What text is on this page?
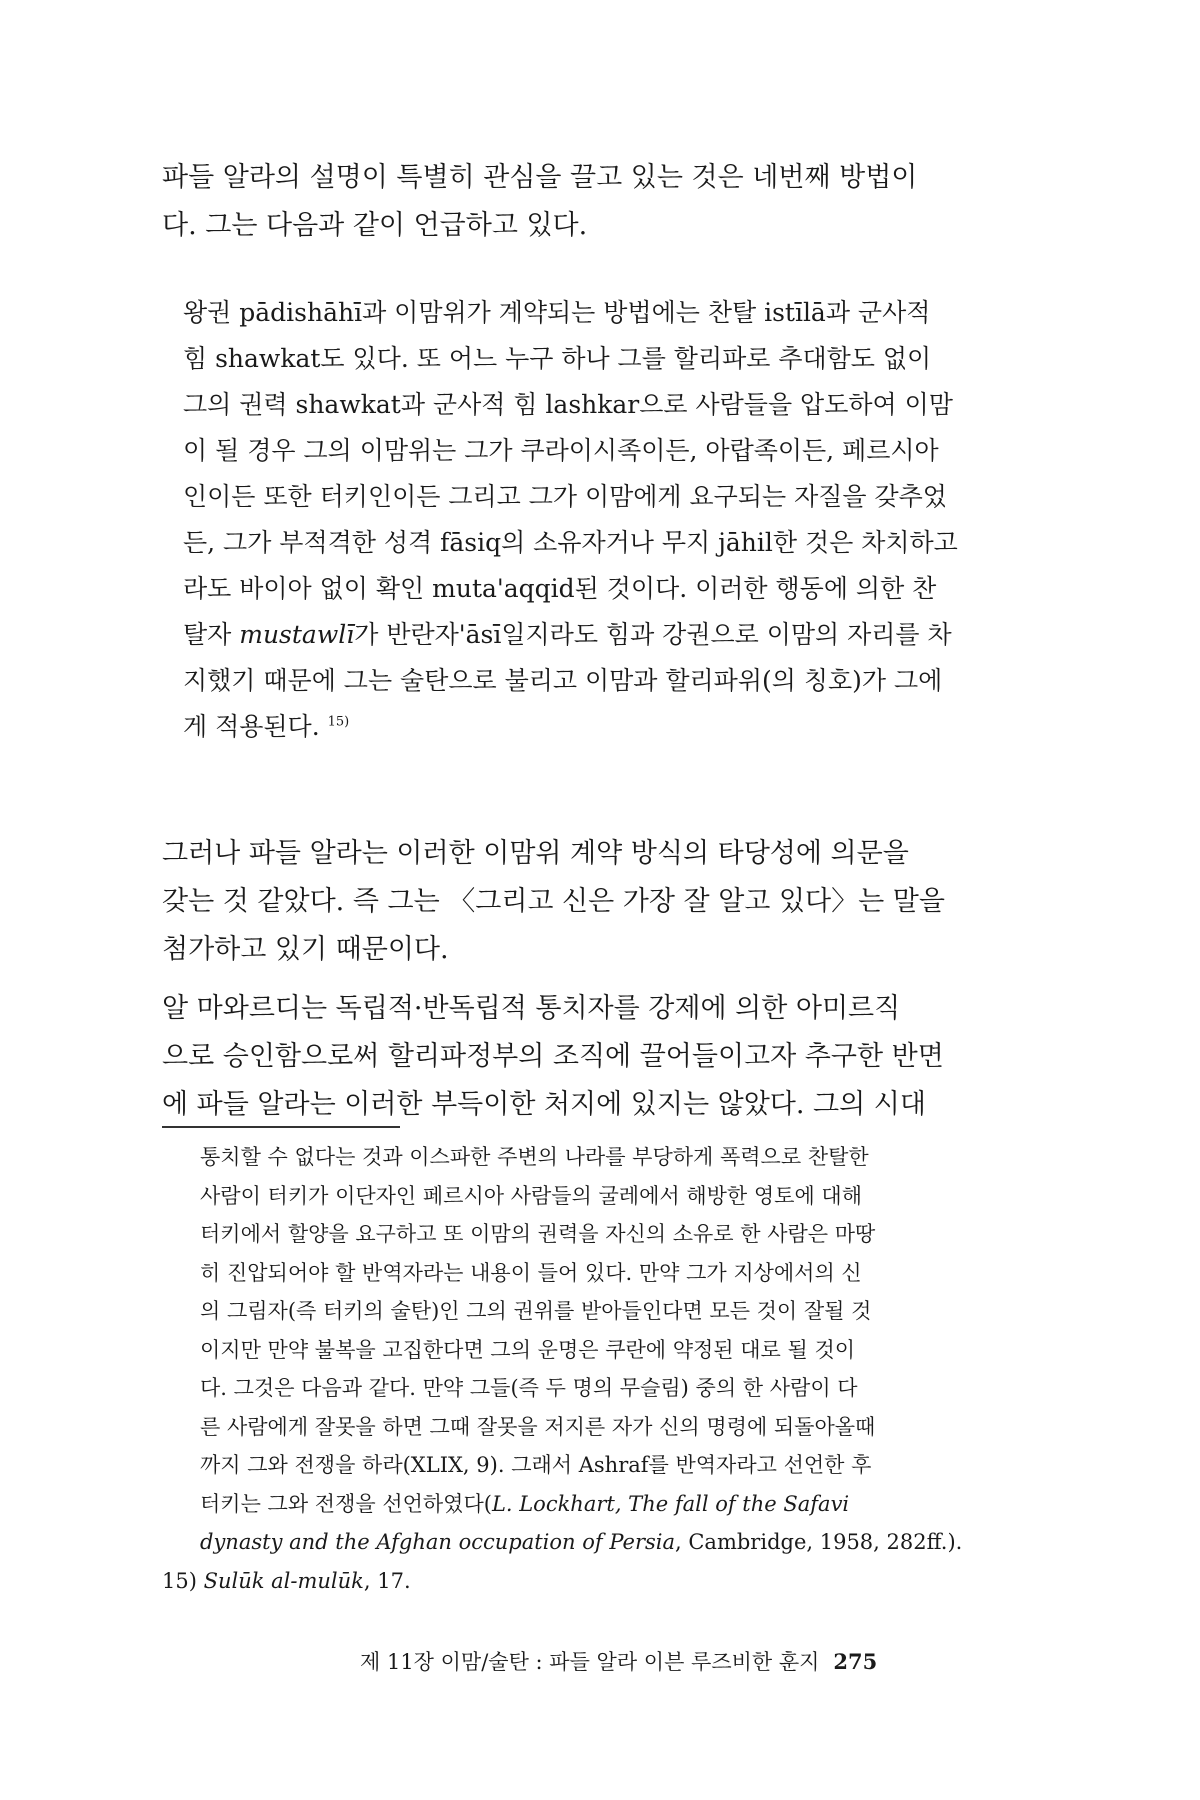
파들 알라의 설명이 특별히 관심을 끌고 있는 것은 네번째 방법이
다. 그는 다음과 같이 언급하고 있다.
왕권 pādishāhī과 이맘위가 계약되는 방법에는 찬탈 istīlā과 군사적
힘 shawkat도 있다. 또 어느 누구 하나 그를 할리파로 추대함도 없이
그의 권력 shawkat과 군사적 힘 lashkar으로 사람들을 압도하여 이맘
이 될 경우 그의 이맘위는 그가 쿠라이시족이든, 아랍족이든, 페르시아
인이든 또한 터키인이든 그리고 그가 이맘에게 요구되는 자질을 갖추었
든, 그가 부적격한 성격 fāsiq의 소유자거나 무지 jāhil한 것은 차치하고
라도 바이아 없이 확인 muta'aqqid된 것이다. 이러한 행동에 의한 찬
탈자 mustawlī가 반란자'āsī일지라도 힘과 강권으로 이맘의 자리를 차
지했기 때문에 그는 술탄으로 불리고 이맘과 할리파위(의 칭호)가 그에
게 적용된다. $^{15)}$
그러나 파들 알라는 이러한 이맘위 계약 방식의 타당성에 의문을
갖는 것 같았다. 즉 그는 〈그리고 신은 가장 잘 알고 있다〉는 말을
첨가하고 있기 때문이다.
알 마와르디는 독립적·반독립적 통치자를 강제에 의한 아미르직
으로 승인함으로써 할리파정부의 조직에 끌어들이고자 추구한 반면
에 파들 알라는 이러한 부득이한 처지에 있지는 않았다. 그의 시대
통치할 수 없다는 것과 이스파한 주변의 나라를 부당하게 폭력으로 찬탈한
사람이 터키가 이단자인 페르시아 사람들의 굴레에서 해방한 영토에 대해
터키에서 할양을 요구하고 또 이맘의 권력을 자신의 소유로 한 사람은 마땅
히 진압되어야 할 반역자라는 내용이 들어 있다. 만약 그가 지상에서의 신
의 그림자(즉 터키의 술탄)인 그의 권위를 받아들인다면 모든 것이 잘될 것
이지만 만약 불복을 고집한다면 그의 운명은 쿠란에 약정된 대로 될 것이
다. 그것은 다음과 같다. 만약 그들(즉 두 명의 무슬림) 중의 한 사람이 다
른 사람에게 잘못을 하면 그때 잘못을 저지른 자가 신의 명령에 되돌아올때
까지 그와 전쟁을 하라(XLIX, 9). 그래서 Ashraf를 반역자라고 선언한 후
터키는 그와 전쟁을 선언하였다(L. Lockhart, The fall of the Safavi
dynasty and the Afghan occupation of Persia, Cambridge, 1958, 282ff.).
15) Sulūk al-mulūk, 17.
제 11장 이맘/술탄 : 파들 알라 이븐 루즈비한 훈지 275
